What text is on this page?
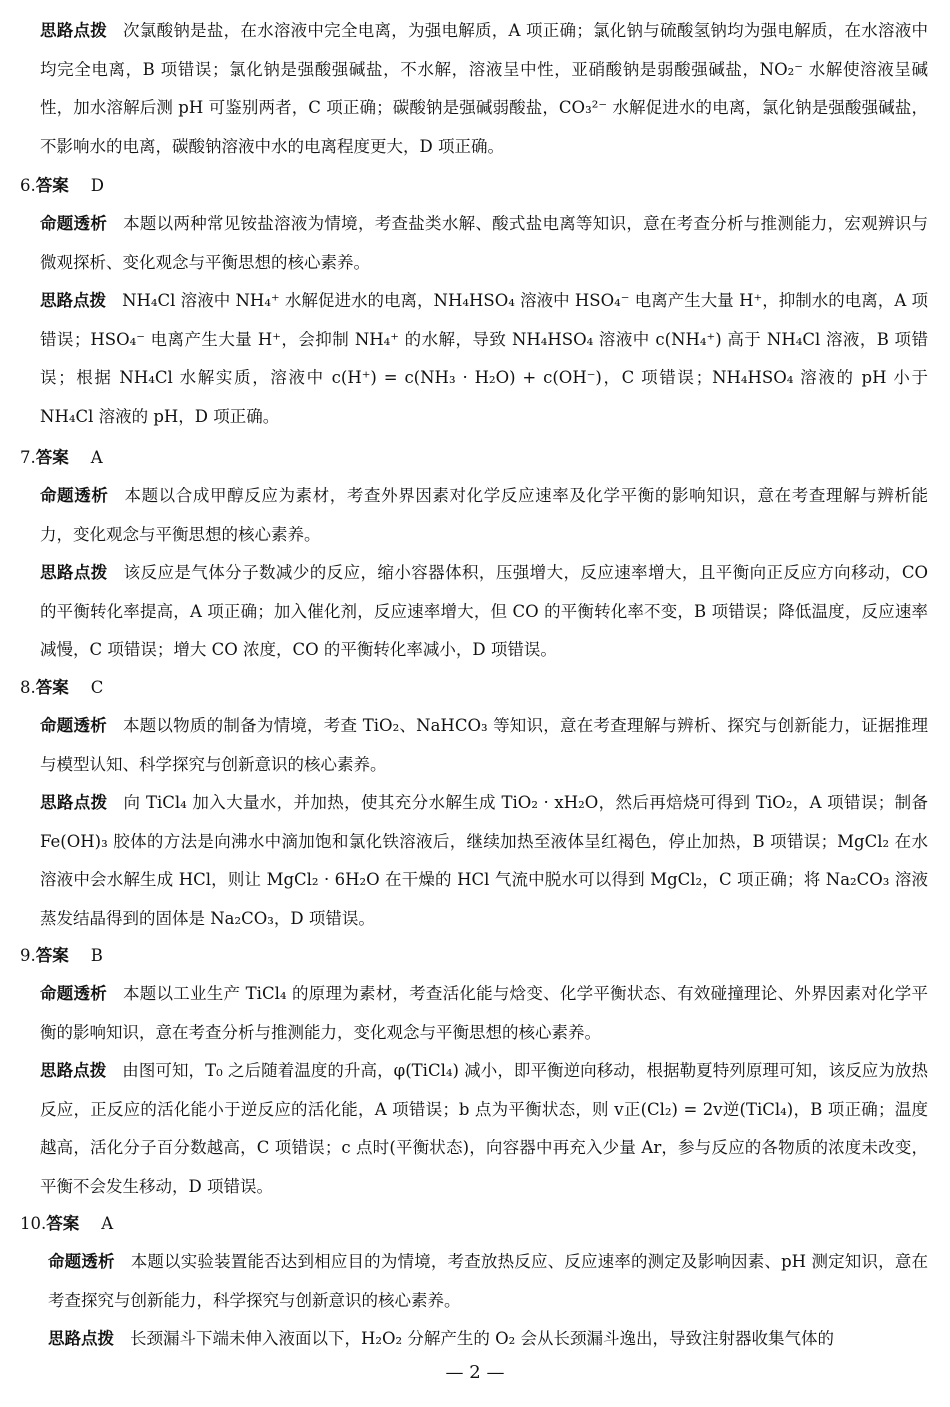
思路点拨 次氯酸钠是盐，在水溶液中完全电离，为强电解质，A 项正确；氯化钠与硫酸氢钠均为强电解质，在水溶液中均完全电离，B 项错误；氯化钠是强酸强碱盐，不水解，溶液呈中性，亚硝酸钠是弱酸强碱盐，NO₂⁻ 水解使溶液呈碱性，加水溶解后测 pH 可鉴别两者，C 项正确；碳酸钠是强碱弱酸盐，CO₃²⁻ 水解促进水的电离，氯化钠是强酸强碱盐，不影响水的电离，碳酸钠溶液中水的电离程度更大，D 项正确。

6.答案 D

命题透析 本题以两种常见铵盐溶液为情境，考查盐类水解、酸式盐电离等知识，意在考查分析与推测能力，宏观辨识与微观探析、变化观念与平衡思想的核心素养。

思路点拨 NH₄Cl 溶液中 NH₄⁺ 水解促进水的电离，NH₄HSO₄ 溶液中 HSO₄⁻ 电离产生大量 H⁺，抑制水的电离，A 项错误；HSO₄⁻ 电离产生大量 H⁺，会抑制 NH₄⁺ 的水解，导致 NH₄HSO₄ 溶液中 c(NH₄⁺) 高于 NH₄Cl 溶液，B 项错误；根据 NH₄Cl 水解实质，溶液中 c(H⁺) = c(NH₃ · H₂O) + c(OH⁻)，C 项错误；NH₄HSO₄ 溶液的 pH 小于 NH₄Cl 溶液的 pH，D 项正确。

7.答案 A

命题透析 本题以合成甲醇反应为素材，考查外界因素对化学反应速率及化学平衡的影响知识，意在考查理解与辨析能力，变化观念与平衡思想的核心素养。

思路点拨 该反应是气体分子数减少的反应，缩小容器体积，压强增大，反应速率增大，且平衡向正反应方向移动，CO 的平衡转化率提高，A 项正确；加入催化剂，反应速率增大，但 CO 的平衡转化率不变，B 项错误；降低温度，反应速率减慢，C 项错误；增大 CO 浓度，CO 的平衡转化率减小，D 项错误。

8.答案 C

命题透析 本题以物质的制备为情境，考查 TiO₂、NaHCO₃ 等知识，意在考查理解与辨析、探究与创新能力，证据推理与模型认知、科学探究与创新意识的核心素养。

思路点拨 向 TiCl₄ 加入大量水，并加热，使其充分水解生成 TiO₂ · xH₂O，然后再焙烧可得到 TiO₂，A 项错误；制备 Fe(OH)₃ 胶体的方法是向沸水中滴加饱和氯化铁溶液后，继续加热至液体呈红褐色，停止加热，B 项错误；MgCl₂ 在水溶液中会水解生成 HCl，则让 MgCl₂ · 6H₂O 在干燥的 HCl 气流中脱水可以得到 MgCl₂，C 项正确；将 Na₂CO₃ 溶液蒸发结晶得到的固体是 Na₂CO₃，D 项错误。

9.答案 B

命题透析 本题以工业生产 TiCl₄ 的原理为素材，考查活化能与焓变、化学平衡状态、有效碰撞理论、外界因素对化学平衡的影响知识，意在考查分析与推测能力，变化观念与平衡思想的核心素养。

思路点拨 由图可知，T₀ 之后随着温度的升高，φ(TiCl₄) 减小，即平衡逆向移动，根据勒夏特列原理可知，该反应为放热反应，正反应的活化能小于逆反应的活化能，A 项错误；b 点为平衡状态，则 v正(Cl₂) = 2v逆(TiCl₄)，B 项正确；温度越高，活化分子百分数越高，C 项错误；c 点时(平衡状态)，向容器中再充入少量 Ar，参与反应的各物质的浓度未改变，平衡不会发生移动，D 项错误。

10.答案 A

命题透析 本题以实验装置能否达到相应目的为情境，考查放热反应、反应速率的测定及影响因素、pH 测定知识，意在考查探究与创新能力，科学探究与创新意识的核心素养。

思路点拨 长颈漏斗下端未伸入液面以下，H₂O₂ 分解产生的 O₂ 会从长颈漏斗逸出，导致注射器收集气体的

— 2 —
